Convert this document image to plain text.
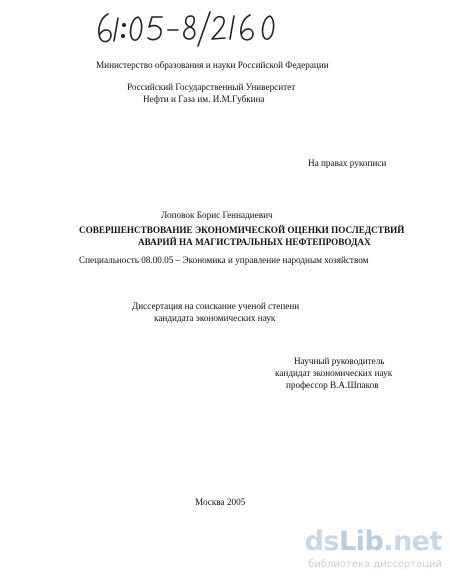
Министерство образования и науки Российской Федерации
Российский Государственный Университет
Нефти и Газа им. И.М.Губкина
На правах рукописи
Лоповок Борис Геннадиевич
СОВЕРШЕНСТВОВАНИЕ ЭКОНОМИЧЕСКОЙ ОЦЕНКИ ПОСЛЕДСТВИЙ
АВАРИЙ НА МАГИСТРАЛЬНЫХ НЕФТЕПРОВОДАХ
Специальность 08.00.05 – Экономика и управление народным хозяйством
Диссертация на соискание ученой степени
кандидата экономических наук
Научный руководитель
кандидат экономических наук
профессор В.А.Шпаков
Москва 2005
dsLib.net
библиотека диссертаций
